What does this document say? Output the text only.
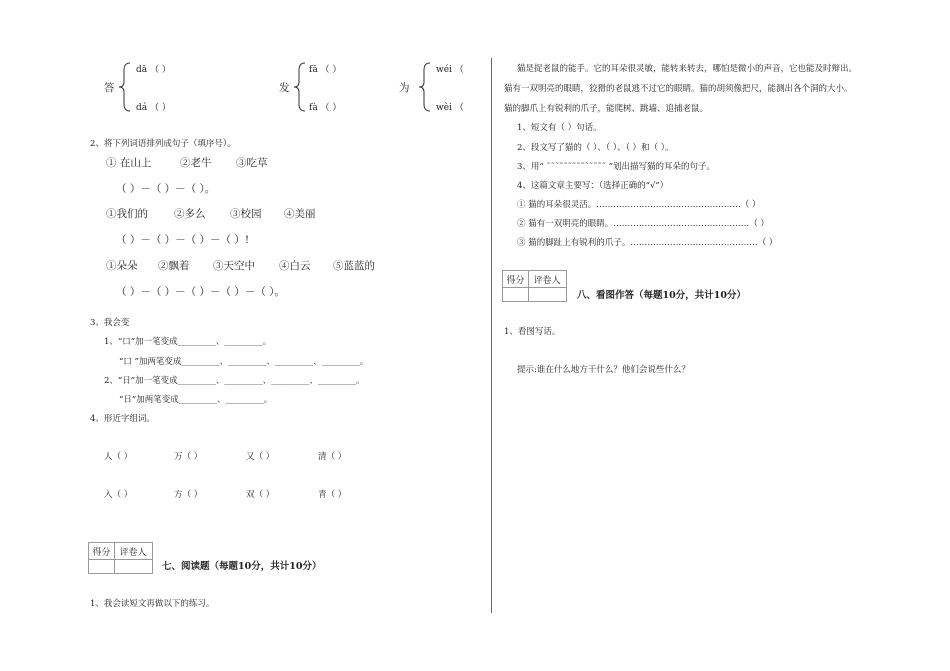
答
dā （ ）
dá （ ）
发
fā （ ）
fà （ ）
为
wéi （
wèi （
2、将下列词语排列成句子（填序号）。
① 在山上	②老牛 ③吃草
（ ）－（ ）－（ ）。
①我们的 ②多么 ③校园 ④美丽
（ ）－（ ）－（ ）－（ ）!
①朵朵 ②飘着 ③天空中 ④白云 ⑤蓝蓝的
（ ）－（ ）－（ ）－（ ）－（ ）。
3、我会变
1、“口”加一笔变成_________、_________。
“口 ”加两笔变成_________、_________、_________、_________。
2、“日”加一笔变成_________、_________、_________、_________。
“日”加两笔变成_________、_________。
4、形近字组词。
人（ ）	万（ ）	又（ ）	清（ ）
入（ ）	方（ ）	双（ ）	青（ ）
得分 评卷人
七、阅读题（每题10分，共计10分）
1、我会读短文再做以下的练习。
猫是捉老鼠的能手。它的耳朵很灵敏，能转来转去，哪怕是微小的声音，它也能及时辩出。
猫有一双明亮的眼睛，狡猾的老鼠逃不过它的眼睛。猫的胡须像把尺，能测出各个洞的大小。
猫的脚爪上有锐利的爪子，能爬树、跳墙、追捕老鼠。
1、短文有（ ）句话。
2、段文写了猫的（ ）、（ ）、（ ）和（ ）。
3、用“ ˜˜˜˜˜˜˜˜˜˜˜˜˜˜ ”划出描写猫的耳朵的句子。
4、这篇文章主要写：（选择正确的“√”）
① 猫的耳朵很灵活。……………………………………………（ ）
② 猫有一双明亮的眼睛。…………………………………………（ ）
③ 猫的脚趾上有锐利的爪子。………………………………………（ ）
得分 评卷人
八、看图作答（每题10分，共计10分）
1、看图写话。
提示:谁在什么地方干什么？他们会说些什么？
